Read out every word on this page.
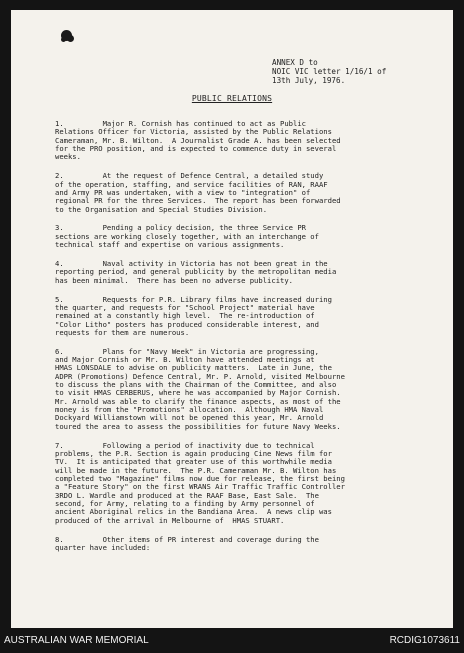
ANNEX D to
NOIC VIC letter 1/16/1 of
13th July, 1976.
PUBLIC RELATIONS
1.         Major R. Cornish has continued to act as Public
Relations Officer for Victoria, assisted by the Public Relations
Cameraman, Mr. B. Wilton.  A Journalist Grade A. has been selected
for the PRO position, and is expected to commence duty in several
weeks.
2.         At the request of Defence Central, a detailed study
of the operation, staffing, and service facilities of RAN, RAAF
and Army PR was undertaken, with a view to "integration" of
regional PR for the three Services.  The report has been forwarded
to the Organisation and Special Studies Division.
3.         Pending a policy decision, the three Service PR
sections are working closely together, with an interchange of
technical staff and expertise on various assignments.
4.         Naval activity in Victoria has not been great in the
reporting period, and general publicity by the metropolitan media
has been minimal.  There has been no adverse publicity.
5.         Requests for P.R. Library films have increased during
the quarter, and requests for "School Project" material have
remained at a constantly high level.  The re-introduction of
"Color Litho" posters has produced considerable interest, and
requests for them are numerous.
6.         Plans for "Navy Week" in Victoria are progressing,
and Major Cornish or Mr. B. Wilton have attended meetings at
HMAS LONSDALE to advise on publicity matters.  Late in June, the
ADPR (Promotions) Defence Central, Mr. P. Arnold, visited Melbourne
to discuss the plans with the Chairman of the Committee, and also
to visit HMAS CERBERUS, where he was accompanied by Major Cornish.
Mr. Arnold was able to clarify the finance aspects, as most of the
money is from the "Promotions" allocation.  Although HMA Naval
Dockyard Williamstown will not be opened this year, Mr. Arnold
toured the area to assess the possibilities for future Navy Weeks.
7.         Following a period of inactivity due to technical
problems, the P.R. Section is again producing Cine News film for
TV.  It is anticipated that greater use of this worthwhile media
will be made in the future.  The P.R. Cameraman Mr. B. Wilton has
completed two "Magazine" films now due for release, the first being
a "Feature Story" on the first WRANS Air Traffic Traffic Controller
3RDO L. Wardle and produced at the RAAF Base, East Sale.  The
second, for Army, relating to a finding by Army personnel of
ancient Aboriginal relics in the Bandiana Area.  A news clip was
produced of the arrival in Melbourne of  HMAS STUART.
8.         Other items of PR interest and coverage during the
quarter have included:
AUSTRALIAN WAR MEMORIAL	RCDIG1073611
